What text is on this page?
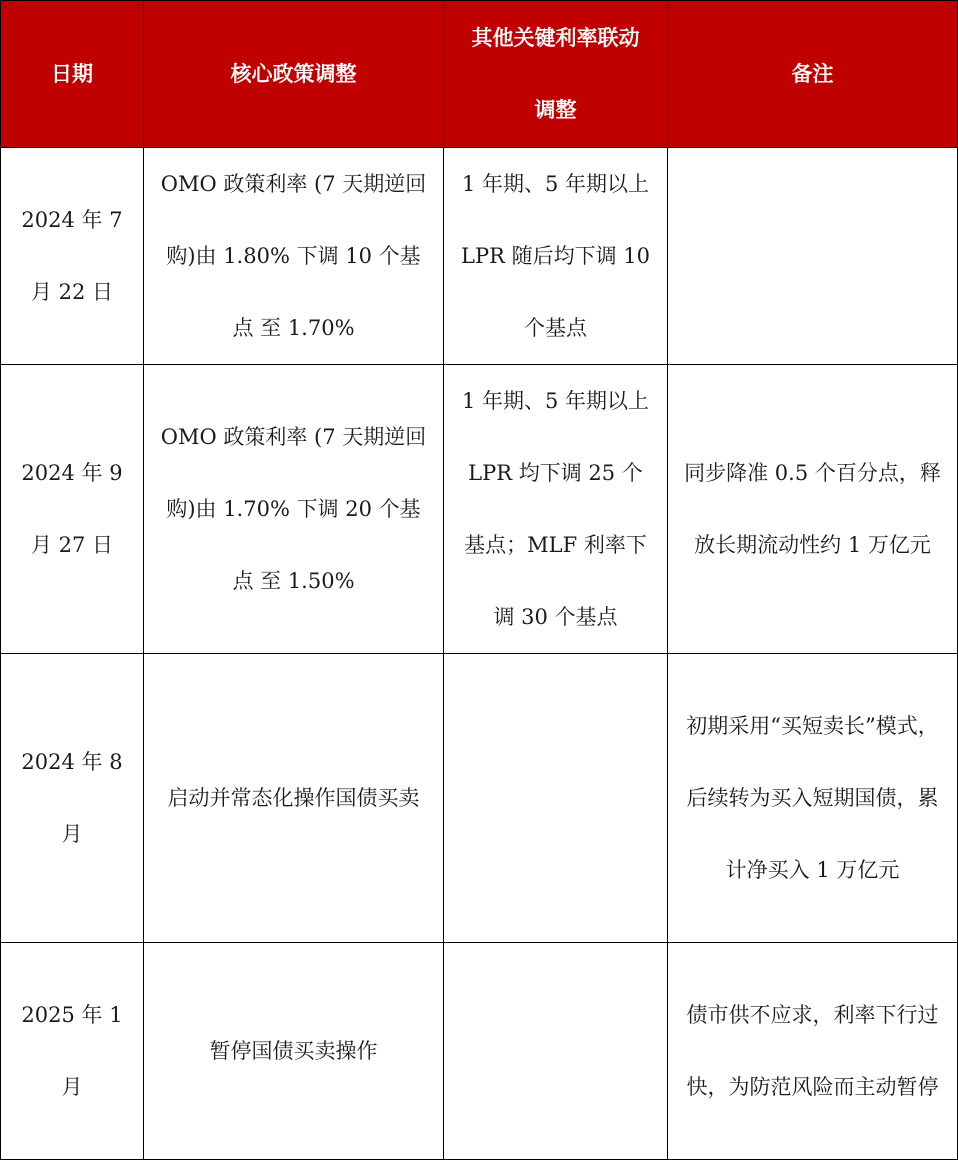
日期	核心政策调整	其他关键利率联动调整	备注
2024 年 7 月 22 日	OMO 政策利率 (7 天期逆回购)由 1.80% 下调 10 个基点 至 1.70%	1 年期、5 年期以上 LPR 随后均下调 10 个基点	
2024 年 9 月 27 日	OMO 政策利率 (7 天期逆回购)由 1.70% 下调 20 个基点 至 1.50%	1 年期、5 年期以上 LPR 均下调 25 个基点；MLF 利率下调 30 个基点	同步降准 0.5 个百分点，释放长期流动性约 1 万亿元
2024 年 8 月	启动并常态化操作国债买卖		初期采用“买短卖长”模式，后续转为买入短期国债，累计净买入 1 万亿元
2025 年 1 月	暂停国债买卖操作		债市供不应求，利率下行过快，为防范风险而主动暂停
